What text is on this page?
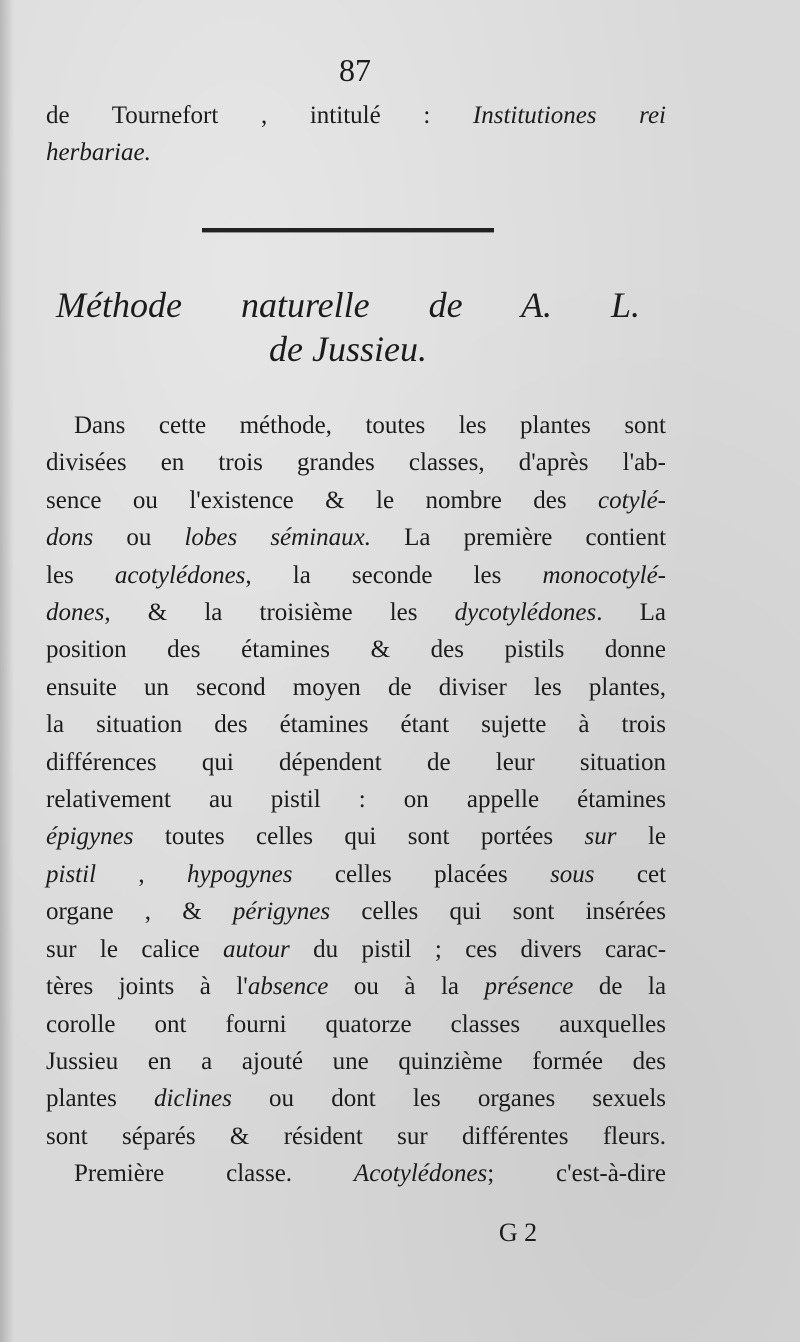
87
de Tournefort , intitulé : Institutiones rei
herbariae.
Méthode naturelle de A. L.
de Jussieu.
Dans cette méthode, toutes les plantes sont
divisées en trois grandes classes, d'après l'ab-
sence ou l'existence & le nombre des cotylé-
dons ou lobes séminaux. La première contient
les acotylédones, la seconde les monocotylé-
dones, & la troisième les dycotylédones. La
position des étamines & des pistils donne
ensuite un second moyen de diviser les plantes,
la situation des étamines étant sujette à trois
différences qui dépendent de leur situation
relativement au pistil : on appelle étamines
épigynes toutes celles qui sont portées sur le
pistil , hypogynes celles placées sous cet
organe , & périgynes celles qui sont insérées
sur le calice autour du pistil ; ces divers carac-
tères joints à l'absence ou à la présence de la
corolle ont fourni quatorze classes auxquelles
Jussieu en a ajouté une quinzième formée des
plantes diclines ou dont les organes sexuels
sont séparés & résident sur différentes fleurs.
Première classe. Acotylédones; c'est-à-dire
G 2
